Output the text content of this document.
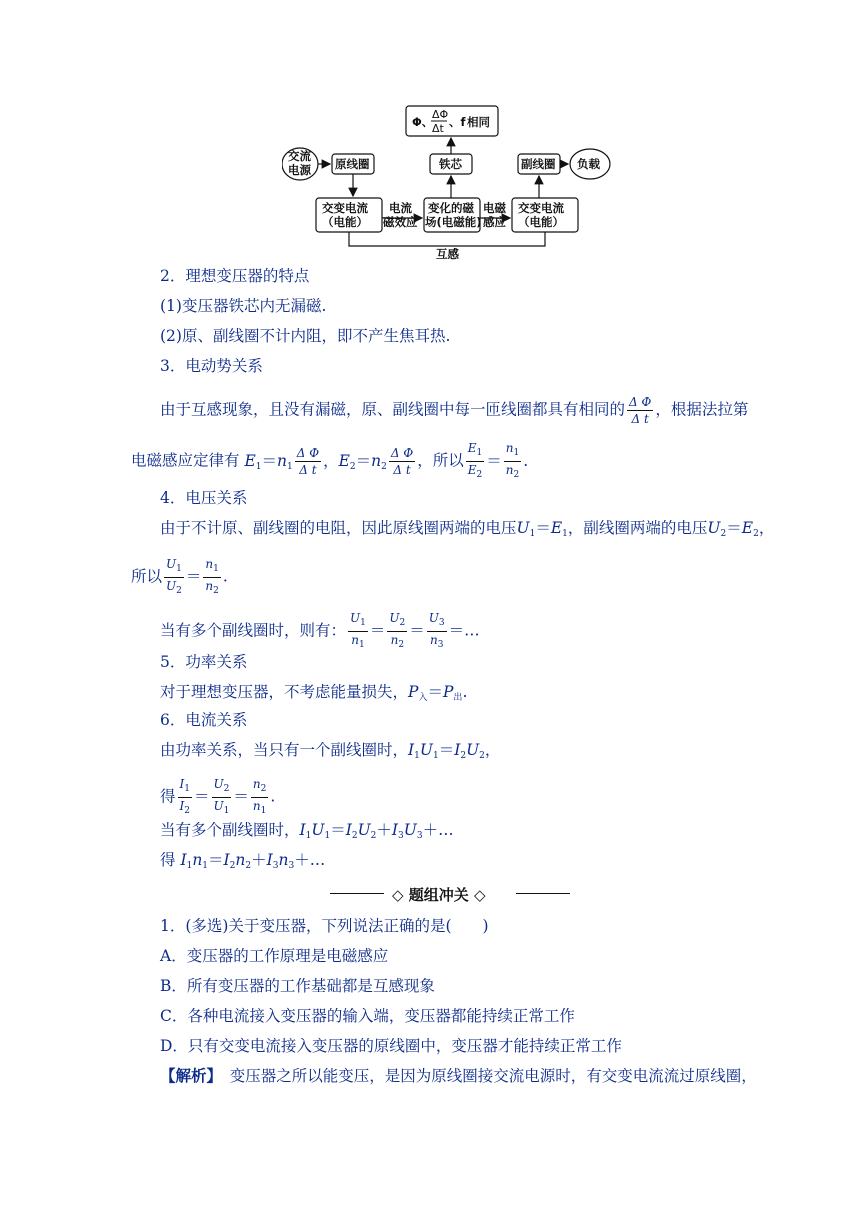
Φ、
ΔΦ
Δt 、f 相同
交流
电源 原线圈	铁芯	副线圈 负载
交变电流
（电能）
变化的磁
场(电磁能)
交变电流
（电能）
电流
磁效应
电磁
感应
互感
2．理想变压器的特点
(1)变压器铁芯内无漏磁.
(2)原、副线圈不计内阻，即不产生焦耳热.
3．电动势关系
由于互感现象，且没有漏磁，原、副线圈中每一匝线圈都具有相同的 $\frac{\text{Δ Φ}}{\text{Δ t}}$ ，根据法拉第
电磁感应定律有 $E_1=n_1 \frac{\text{Δ Φ}}{\text{Δ t}}$ ，$E_2=n_2 \frac{\text{Δ Φ}}{\text{Δ t}}$ ，所以 $\frac{E_1}{E_2} = \frac{n_1}{n_2}$ .
4．电压关系
由于不计原、副线圈的电阻，因此原线圈两端的电压$U_1=E_1$，副线圈两端的电压$U_2=E_2$，
所以 $\frac{U_1}{U_2} = \frac{n_1}{n_2}$ .
当有多个副线圈时，则有： $\frac{U_1}{n_1} = \frac{U_2}{n_2} = \frac{U_3}{n_3}$ ＝…
5．功率关系
对于理想变压器，不考虑能量损失，$P_入=P_出$.
6．电流关系
由功率关系，当只有一个副线圈时，$I_1U_1=I_2U_2$，
得 $\frac{I_1}{I_2} = \frac{U_2}{U_1} = \frac{n_2}{n_1}$ .
当有多个副线圈时，$I_1U_1=I_2U_2+I_3U_3+\dots$
得 $I_1n_1=I_2n_2+I_3n_3+\dots$
◇ 题组冲关 ◇
1．(多选)关于变压器，下列说法正确的是(　　)
A．变压器的工作原理是电磁感应
B．所有变压器的工作基础都是互感现象
C．各种电流接入变压器的输入端，变压器都能持续正常工作
D．只有交变电流接入变压器的原线圈中，变压器才能持续正常工作
【解析】　 变压器之所以能变压，是因为原线圈接交流电源时，有交变电流流过原线圈，
